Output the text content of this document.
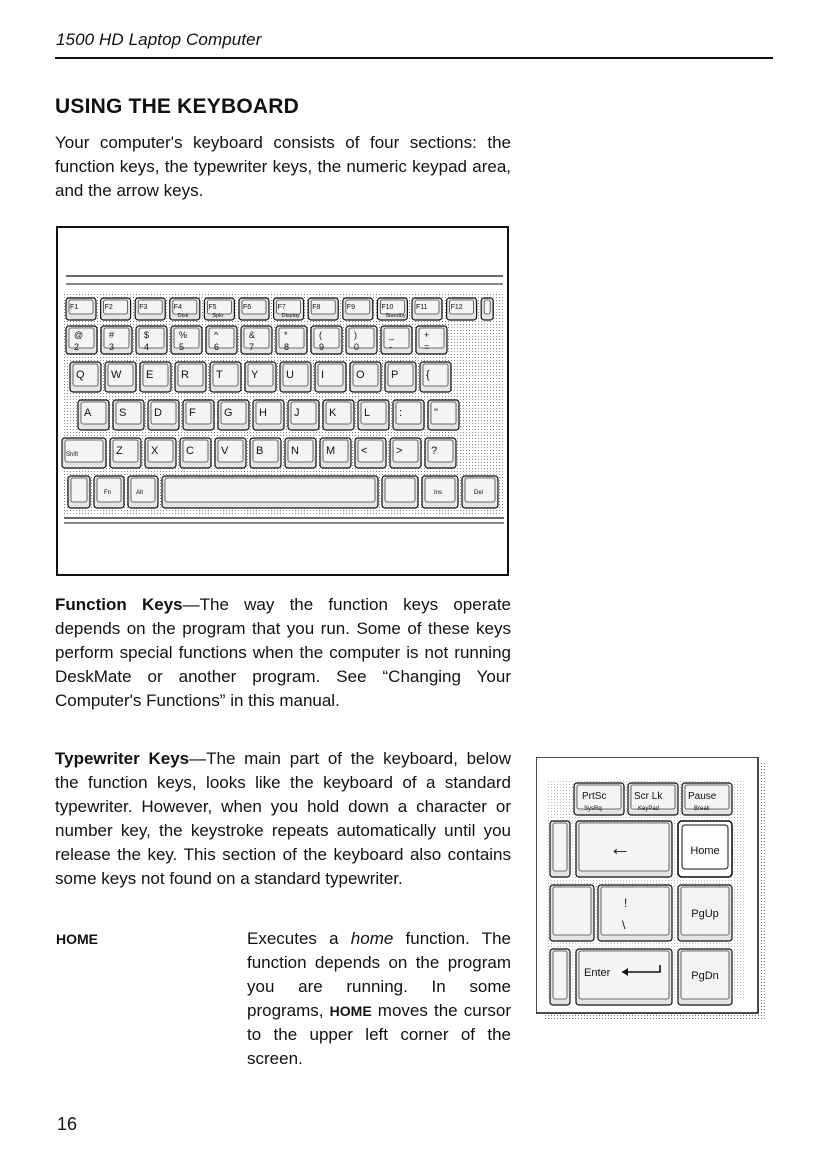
1500 HD Laptop Computer
USING THE KEYBOARD

Your computer's keyboard consists of four sections: the function keys, the typewriter keys, the numeric keypad area, and the arrow keys.

F1	F2	F3	F4
Disk
F5
Spkr
F6	F7
Display
F8	F9	F10
Standby
F11	F12
@
2
#
3
$
4
%
5
^
6
&
7
*
8
(
9
)
0
_
-
+
=
Q W E	R T	Y	U I	O P	{
A	S	D F	G H J	K	L	:	"
Shift	Z	X	C V	B	N M <	>	?
Fn	Alt	Ins	Del

Function Keys—The way the function keys operate depends on the program that you run. Some of these keys perform special functions when the computer is not running DeskMate or another program. See “Changing Your Computer's Functions” in this manual.

Typewriter Keys—The main part of the keyboard, below the function keys, looks like the keyboard of a standard typewriter. However, when you hold down a character or number key, the keystroke repeats automatically until you release the key. This section of the keyboard also contains some keys not found on a standard typewriter.

PrtSc
SysRq
Scr Lk
KeyPad
Pause
Break
←	Home
!
\
PgUp
Enter	PgDn
HOME	Executes a home function. The function depends on the program you are running. In some programs, HOME moves the cursor to the upper left corner of the screen.

16
